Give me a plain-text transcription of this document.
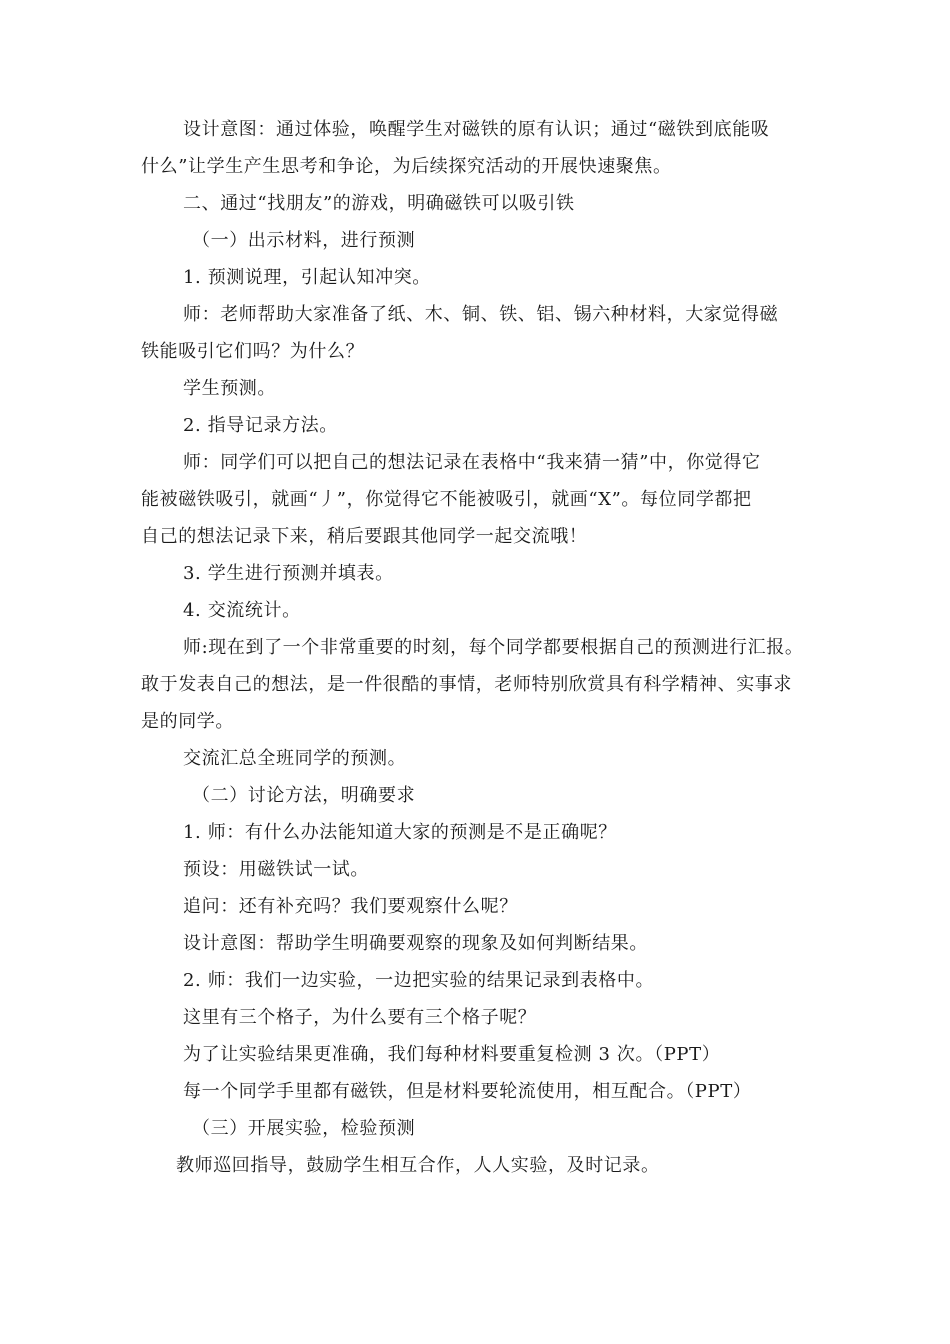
设计意图：通过体验，唤醒学生对磁铁的原有认识；通过“磁铁到底能吸
什么”让学生产生思考和争论，为后续探究活动的开展快速聚焦。
二、通过“找朋友”的游戏，明确磁铁可以吸引铁
（一）出示材料，进行预测
1. 预测说理，引起认知冲突。
师：老师帮助大家准备了纸、木、铜、铁、铝、锡六种材料，大家觉得磁
铁能吸引它们吗？为什么？
学生预测。
2. 指导记录方法。
师：同学们可以把自己的想法记录在表格中“我来猜一猜”中，你觉得它
能被磁铁吸引，就画“丿”，你觉得它不能被吸引，就画“X”。每位同学都把
自己的想法记录下来，稍后要跟其他同学一起交流哦！
3. 学生进行预测并填表。
4. 交流统计。
师:现在到了一个非常重要的时刻，每个同学都要根据自己的预测进行汇报。
敢于发表自己的想法，是一件很酷的事情，老师特别欣赏具有科学精神、实事求
是的同学。
交流汇总全班同学的预测。
（二）讨论方法，明确要求
1. 师：有什么办法能知道大家的预测是不是正确呢？
预设：用磁铁试一试。
追问：还有补充吗？我们要观察什么呢？
设计意图：帮助学生明确要观察的现象及如何判断结果。
2. 师：我们一边实验，一边把实验的结果记录到表格中。
这里有三个格子，为什么要有三个格子呢？
为了让实验结果更准确，我们每种材料要重复检测 3 次。（PPT）
每一个同学手里都有磁铁，但是材料要轮流使用，相互配合。（PPT）
（三）开展实验，检验预测
教师巡回指导，鼓励学生相互合作，人人实验，及时记录。
